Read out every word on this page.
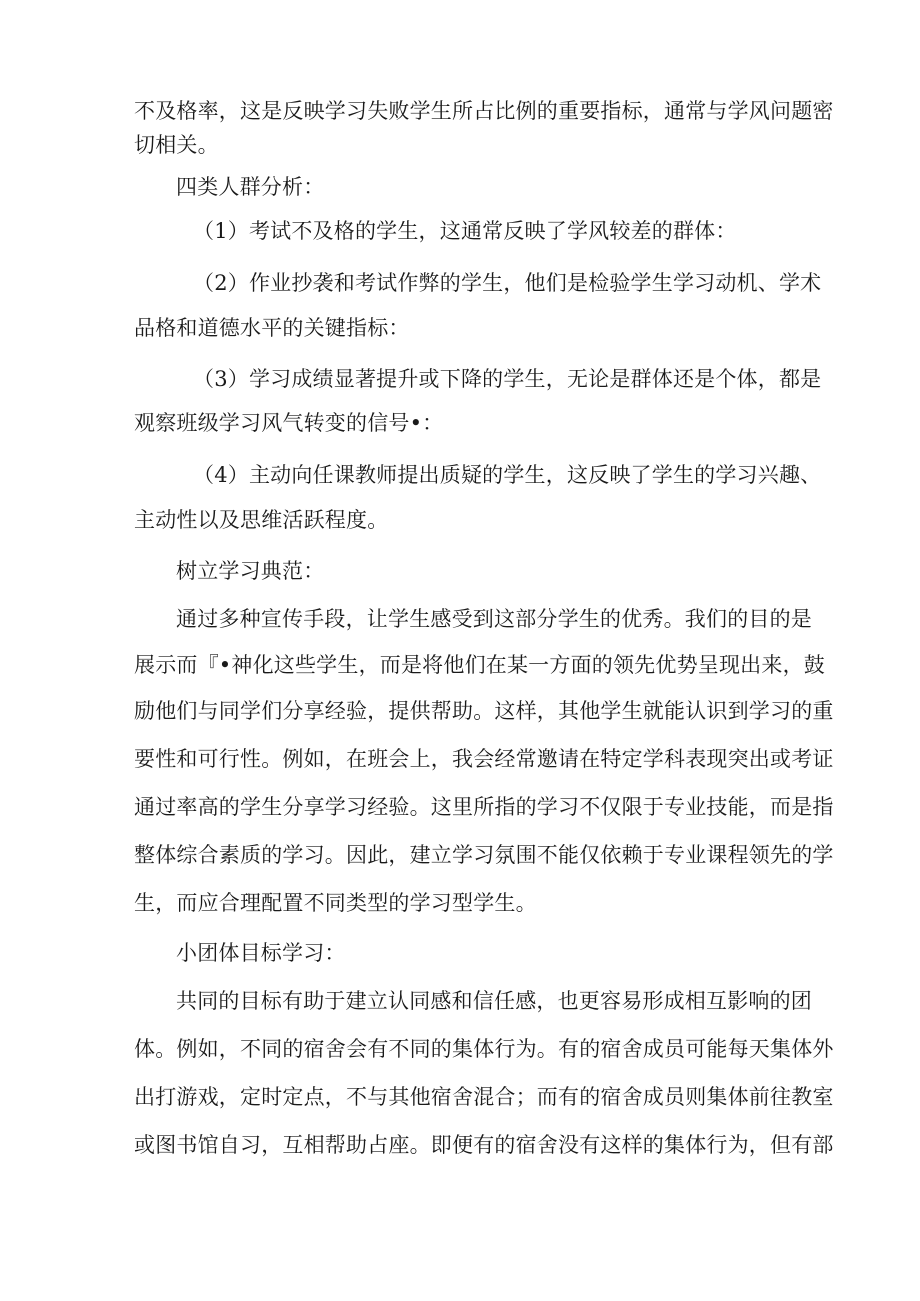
不及格率，这是反映学习失败学生所占比例的重要指标，通常与学风问题密
切相关。
四类人群分析：
（1）考试不及格的学生，这通常反映了学风较差的群体：
（2）作业抄袭和考试作弊的学生，他们是检验学生学习动机、学术
品格和道德水平的关键指标：
（3）学习成绩显著提升或下降的学生，无论是群体还是个体，都是
观察班级学习风气转变的信号•：
（4）主动向任课教师提出质疑的学生，这反映了学生的学习兴趣、
主动性以及思维活跃程度。
树立学习典范：
通过多种宣传手段，让学生感受到这部分学生的优秀。我们的目的是
展示而『•神化这些学生，而是将他们在某一方面的领先优势呈现出来，鼓
励他们与同学们分享经验，提供帮助。这样，其他学生就能认识到学习的重
要性和可行性。例如，在班会上，我会经常邀请在特定学科表现突出或考证
通过率高的学生分享学习经验。这里所指的学习不仅限于专业技能，而是指
整体综合素质的学习。因此，建立学习氛围不能仅依赖于专业课程领先的学
生，而应合理配置不同类型的学习型学生。
小团体目标学习：
共同的目标有助于建立认同感和信任感，也更容易形成相互影响的团
体。例如，不同的宿舍会有不同的集体行为。有的宿舍成员可能每天集体外
出打游戏，定时定点，不与其他宿舍混合；而有的宿舍成员则集体前往教室
或图书馆自习，互相帮助占座。即便有的宿舍没有这样的集体行为，但有部
